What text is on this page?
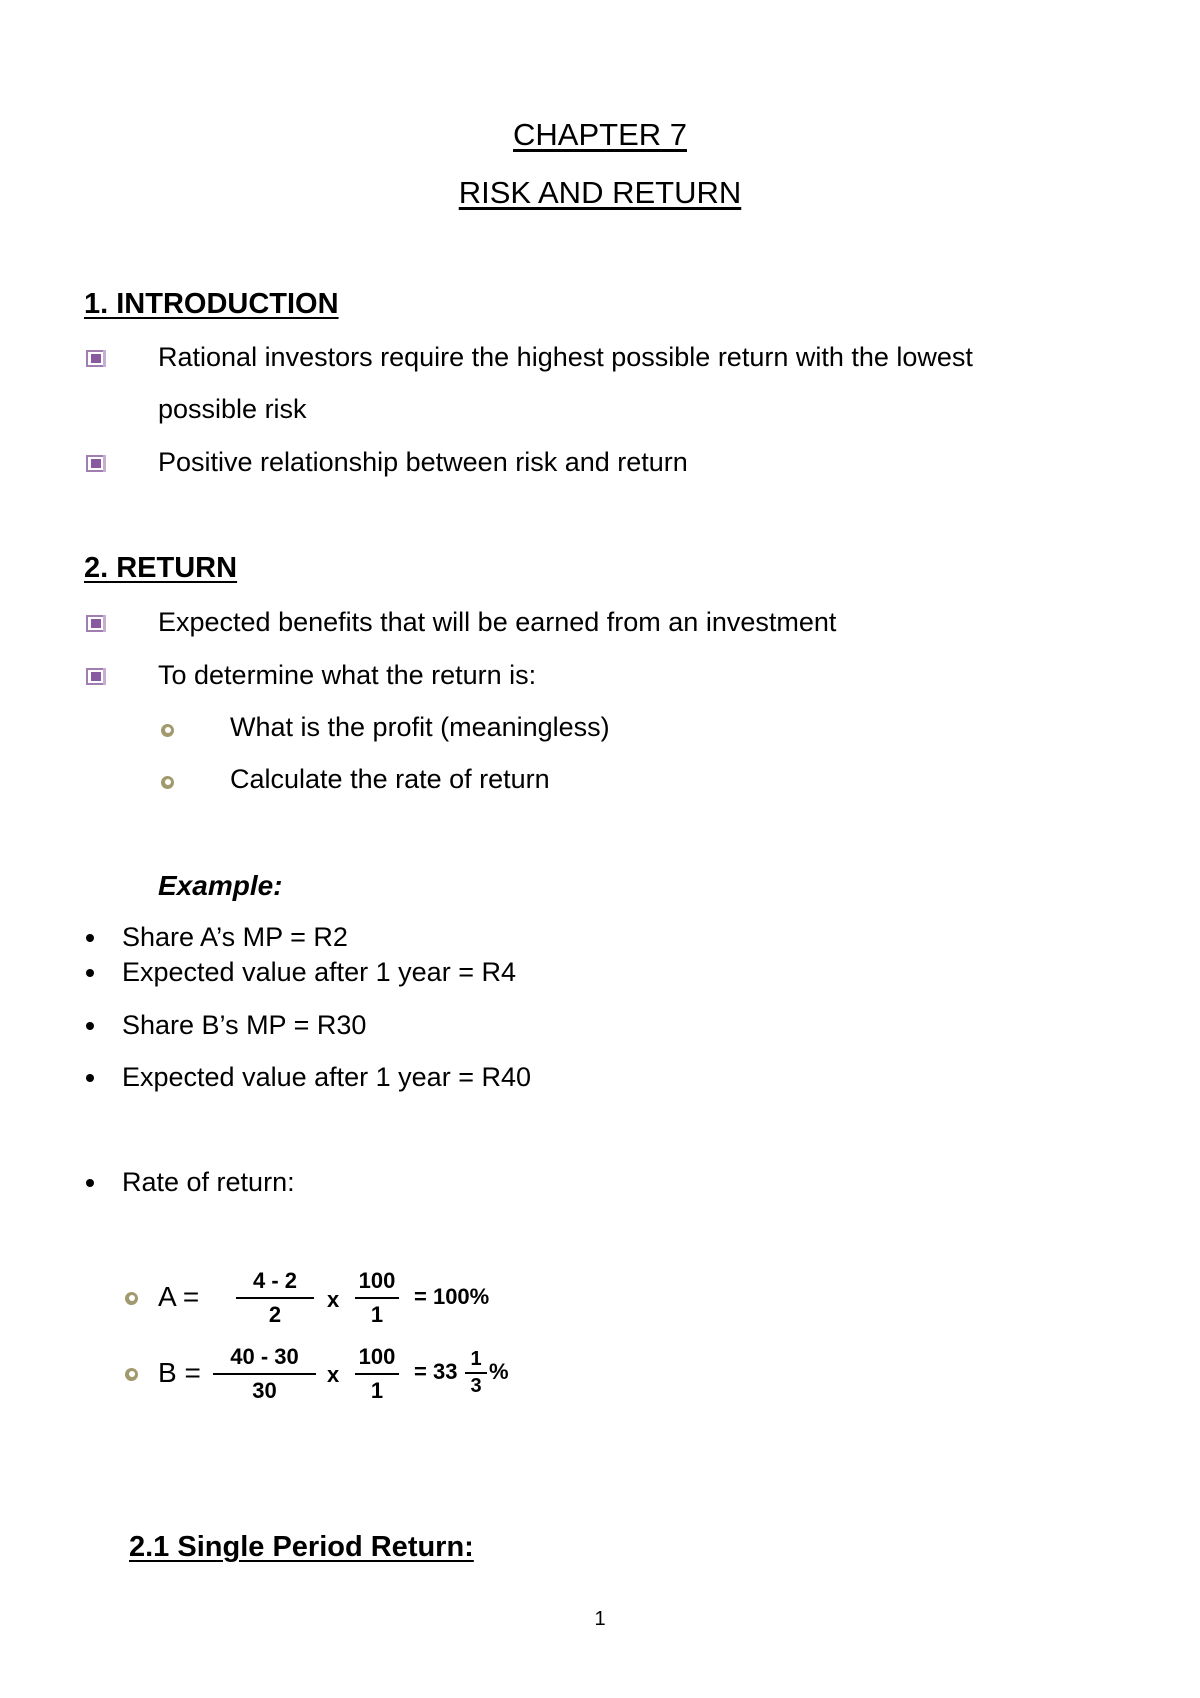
CHAPTER 7
RISK AND RETURN
1. INTRODUCTION
Rational investors require the highest possible return with the lowest
possible risk
Positive relationship between risk and return
2. RETURN
Expected benefits that will be earned from an investment
To determine what the return is:
What is the profit (meaningless)
Calculate the rate of return
Example:
Share A’s MP = R2
Expected value after 1 year = R4
Share B’s MP = R30
Expected value after 1 year = R40
Rate of return:
A =
4 - 2
2
x
100
1
= 100%
B =
40 - 30
30
x
100
1
= 33 1
3
%
2.1 Single Period Return:
1
